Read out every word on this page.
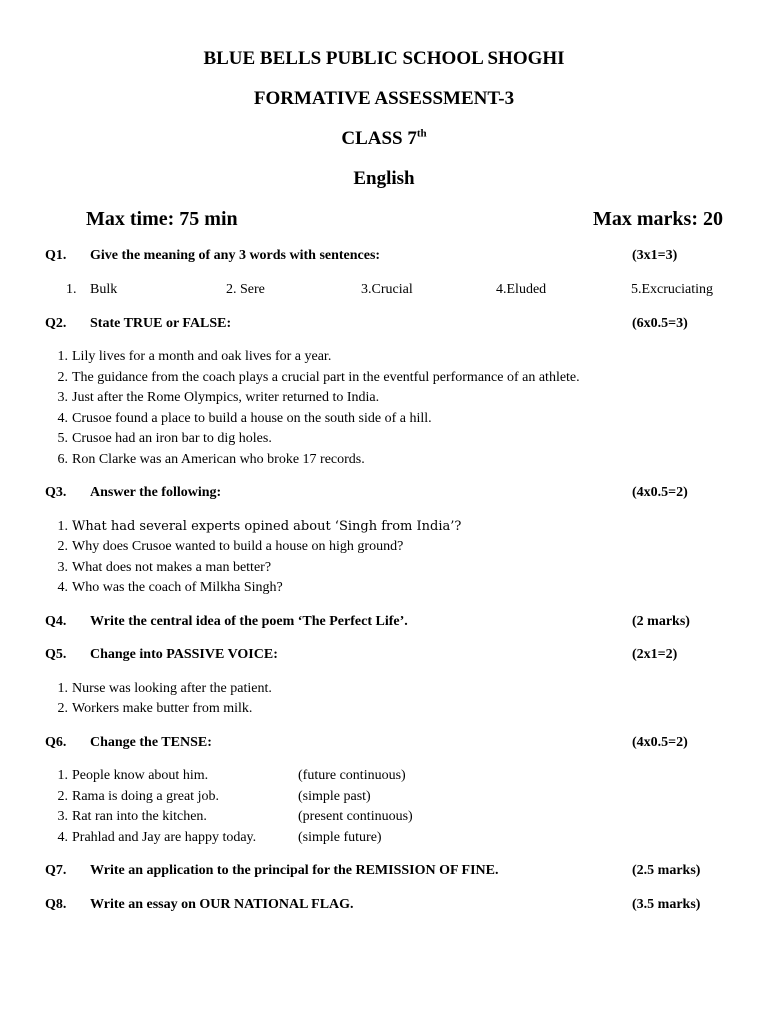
BLUE BELLS PUBLIC SCHOOL SHOGHI
FORMATIVE ASSESSMENT-3
CLASS 7th
English
Max time: 75 min	Max marks: 20
Q1. Give the meaning of any 3 words with sentences:	(3x1=3)
1. Bulk	2. Sere	3.Crucial	4.Eluded	5.Excruciating
Q2. State TRUE or FALSE:	(6x0.5=3)
1. Lily lives for a month and oak lives for a year.
2. The guidance from the coach plays a crucial part in the eventful performance of an athlete.
3. Just after the Rome Olympics, writer returned to India.
4. Crusoe found a place to build a house on the south side of a hill.
5. Crusoe had an iron bar to dig holes.
6. Ron Clarke was an American who broke 17 records.
Q3. Answer the following:	(4x0.5=2)
1. What had several experts opined about ‘Singh from India’?
2. Why does Crusoe wanted to build a house on high ground?
3. What does not makes a man better?
4. Who was the coach of Milkha Singh?
Q4. Write the central idea of the poem ‘The Perfect Life’.	(2 marks)
Q5. Change into PASSIVE VOICE:	(2x1=2)
1. Nurse was looking after the patient.
2. Workers make butter from milk.
Q6. Change the TENSE:	(4x0.5=2)
1. People know about him.	(future continuous)
2. Rama is doing a great job.	(simple past)
3. Rat ran into the kitchen.	(present continuous)
4. Prahlad and Jay are happy today.	(simple future)
Q7. Write an application to the principal for the REMISSION OF FINE.	(2.5 marks)
Q8. Write an essay on OUR NATIONAL FLAG.	(3.5 marks)
